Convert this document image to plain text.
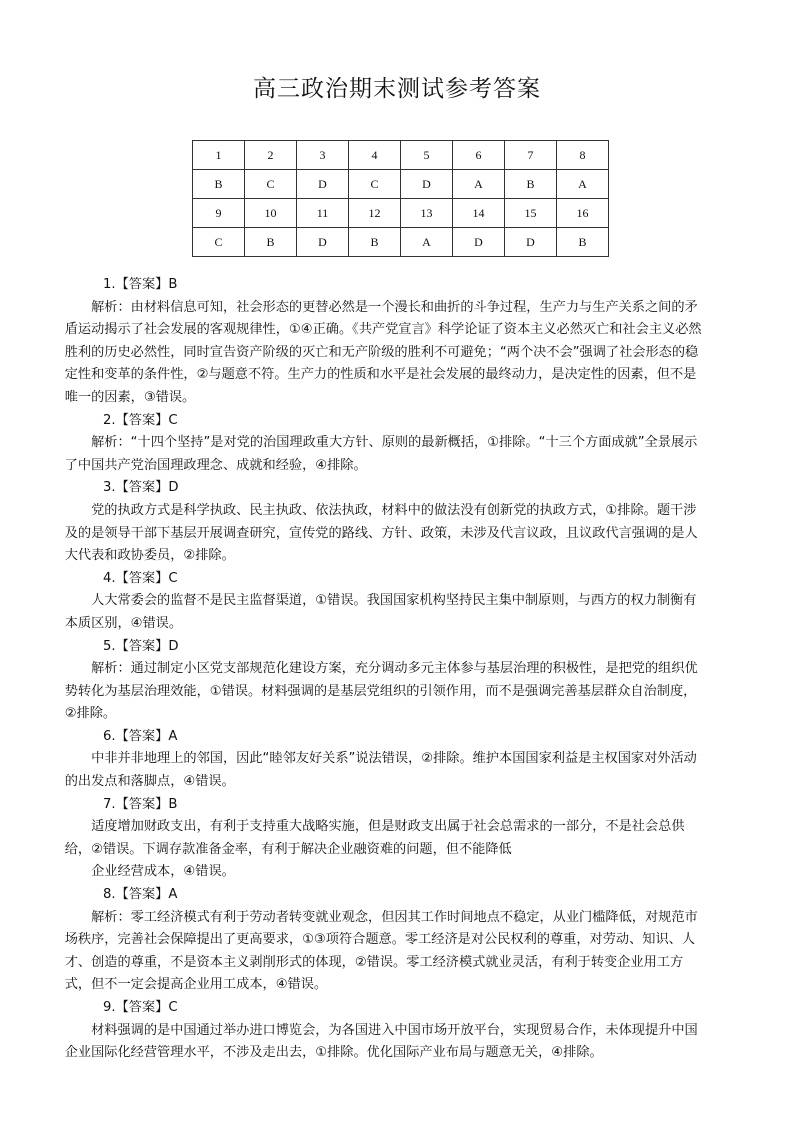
高三政治期末测试参考答案
1	2	3	4	5	6	7	8
B	C	D	C	D	A	B	A
9	10	11	12	13	14	15	16
C	B	D	B	A	D	D	B

1.【答案】B

解析：由材料信息可知，社会形态的更替必然是一个漫长和曲折的斗争过程，生产力与生产关系之间的矛盾运动揭示了社会发展的客观规律性，①④正确。《共产党宣言》科学论证了资本主义必然灭亡和社会主义必然胜利的历史必然性，同时宣告资产阶级的灭亡和无产阶级的胜利不可避免；“两个决不会”强调了社会形态的稳定性和变革的条件性，②与题意不符。生产力的性质和水平是社会发展的最终动力，是决定性的因素，但不是唯一的因素，③错误。

2.【答案】C

解析：“十四个坚持”是对党的治国理政重大方针、原则的最新概括，①排除。“十三个方面成就”全景展示了中国共产党治国理政理念、成就和经验，④排除。

3.【答案】D

党的执政方式是科学执政、民主执政、依法执政，材料中的做法没有创新党的执政方式，①排除。题干涉及的是领导干部下基层开展调查研究，宣传党的路线、方针、政策，未涉及代言议政，且议政代言强调的是人大代表和政协委员，②排除。

4.【答案】C

人大常委会的监督不是民主监督渠道，①错误。我国国家机构坚持民主集中制原则，与西方的权力制衡有本质区别，④错误。

5.【答案】D

解析：通过制定小区党支部规范化建设方案，充分调动多元主体参与基层治理的积极性，是把党的组织优势转化为基层治理效能，①错误。材料强调的是基层党组织的引领作用，而不是强调完善基层群众自治制度，②排除。

6.【答案】A

中非并非地理上的邻国，因此“睦邻友好关系”说法错误，②排除。维护本国国家利益是主权国家对外活动的出发点和落脚点，④错误。

7.【答案】B

适度增加财政支出，有利于支持重大战略实施，但是财政支出属于社会总需求的一部分，不是社会总供给，②错误。下调存款准备金率，有利于解决企业融资难的问题，但不能降低

企业经营成本，④错误。

8.【答案】A

解析：零工经济模式有利于劳动者转变就业观念，但因其工作时间地点不稳定，从业门槛降低，对规范市场秩序，完善社会保障提出了更高要求，①③项符合题意。零工经济是对公民权利的尊重，对劳动、知识、人才、创造的尊重，不是资本主义剥削形式的体现，②错误。零工经济模式就业灵活，有利于转变企业用工方式，但不一定会提高企业用工成本，④错误。

9.【答案】C

材料强调的是中国通过举办进口博览会，为各国进入中国市场开放平台，实现贸易合作，未体现提升中国企业国际化经营管理水平，不涉及走出去，①排除。优化国际产业布局与题意无关，④排除。
